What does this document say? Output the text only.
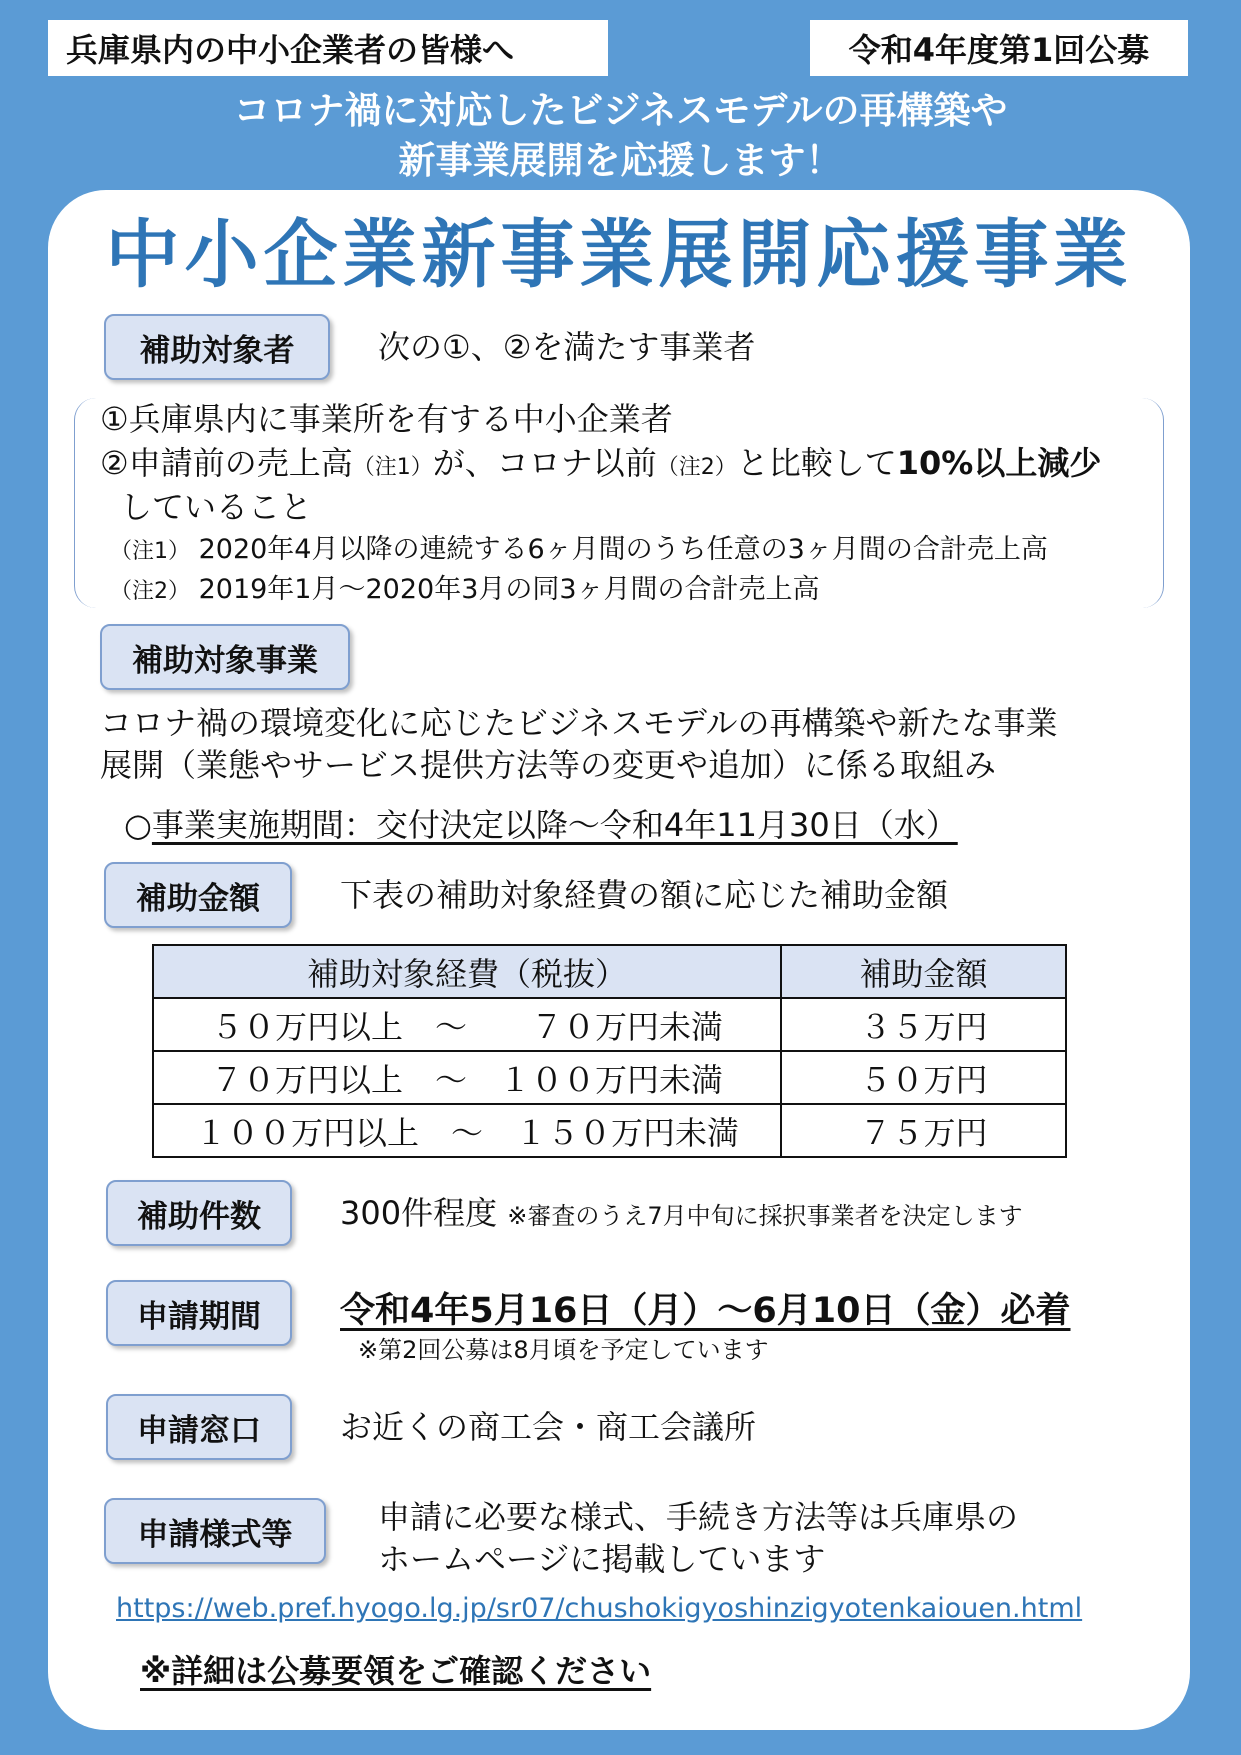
兵庫県内の中小企業者の皆様へ	令和4年度第1回公募
コロナ禍に対応したビジネスモデルの再構築や
新事業展開を応援します！
中小企業新事業展開応援事業
補助対象者	次の①、②を満たす事業者
①兵庫県内に事業所を有する中小企業者
②申請前の売上高（注1）が、コロナ以前（注2）と比較して10%以上減少
していること
（注1） 2020年4月以降の連続する6ヶ月間のうち任意の3ヶ月間の合計売上高
（注2） 2019年1月～2020年3月の同3ヶ月間の合計売上高
補助対象事業
コロナ禍の環境変化に応じたビジネスモデルの再構築や新たな事業
展開（業態やサービス提供方法等の変更や追加）に係る取組み
○事業実施期間：交付決定以降～令和4年11月30日（水）
補助金額	下表の補助対象経費の額に応じた補助金額
補助対象経費（税抜）	補助金額
５０万円以上　～　　７０万円未満	３５万円
７０万円以上　～　１００万円未満	５０万円
１００万円以上　～　１５０万円未満	７５万円
補助件数 300件程度 ※審査のうえ7月中旬に採択事業者を決定します
申請期間 令和4年5月16日（月）～6月10日（金）必着
※第2回公募は8月頃を予定しています
申請窓口 お近くの商工会・商工会議所
申請様式等	申請に必要な様式、手続き方法等は兵庫県の
ホームページに掲載しています
https://web.pref.hyogo.lg.jp/sr07/chushokigyoshinzigyotenkaiouen.html
※詳細は公募要領をご確認ください
